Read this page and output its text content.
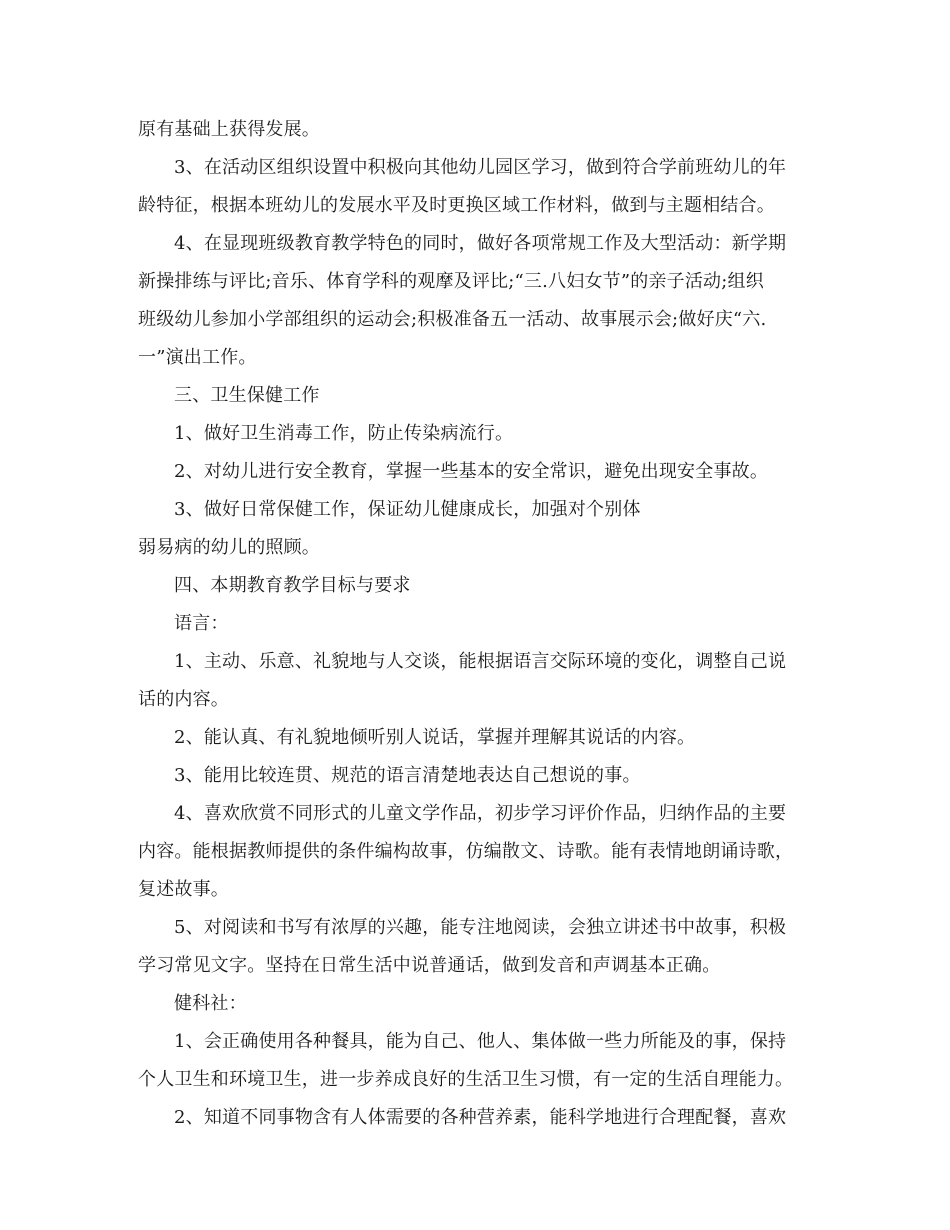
原有基础上获得发展。
3、在活动区组织设置中积极向其他幼儿园区学习，做到符合学前班幼儿的年
龄特征，根据本班幼儿的发展水平及时更换区域工作材料，做到与主题相结合。
4、在显现班级教育教学特色的同时，做好各项常规工作及大型活动：新学期
新操排练与评比;音乐、体育学科的观摩及评比;“三.八妇女节”的亲子活动;组织
班级幼儿参加小学部组织的运动会;积极准备五一活动、故事展示会;做好庆“六.
一”演出工作。
三、卫生保健工作
1、做好卫生消毒工作，防止传染病流行。
2、对幼儿进行安全教育，掌握一些基本的安全常识，避免出现安全事故。
3、做好日常保健工作，保证幼儿健康成长，加强对个别体
弱易病的幼儿的照顾。
四、本期教育教学目标与要求
语言：
1、主动、乐意、礼貌地与人交谈，能根据语言交际环境的变化，调整自己说
话的内容。
2、能认真、有礼貌地倾听别人说话，掌握并理解其说话的内容。
3、能用比较连贯、规范的语言清楚地表达自己想说的事。
4、喜欢欣赏不同形式的儿童文学作品，初步学习评价作品，归纳作品的主要
内容。能根据教师提供的条件编构故事，仿编散文、诗歌。能有表情地朗诵诗歌，
复述故事。
5、对阅读和书写有浓厚的兴趣，能专注地阅读，会独立讲述书中故事，积极
学习常见文字。坚持在日常生活中说普通话，做到发音和声调基本正确。
健科社：
1、会正确使用各种餐具，能为自己、他人、集体做一些力所能及的事，保持
个人卫生和环境卫生，进一步养成良好的生活卫生习惯，有一定的生活自理能力。
2、知道不同事物含有人体需要的各种营养素，能科学地进行合理配餐，喜欢
